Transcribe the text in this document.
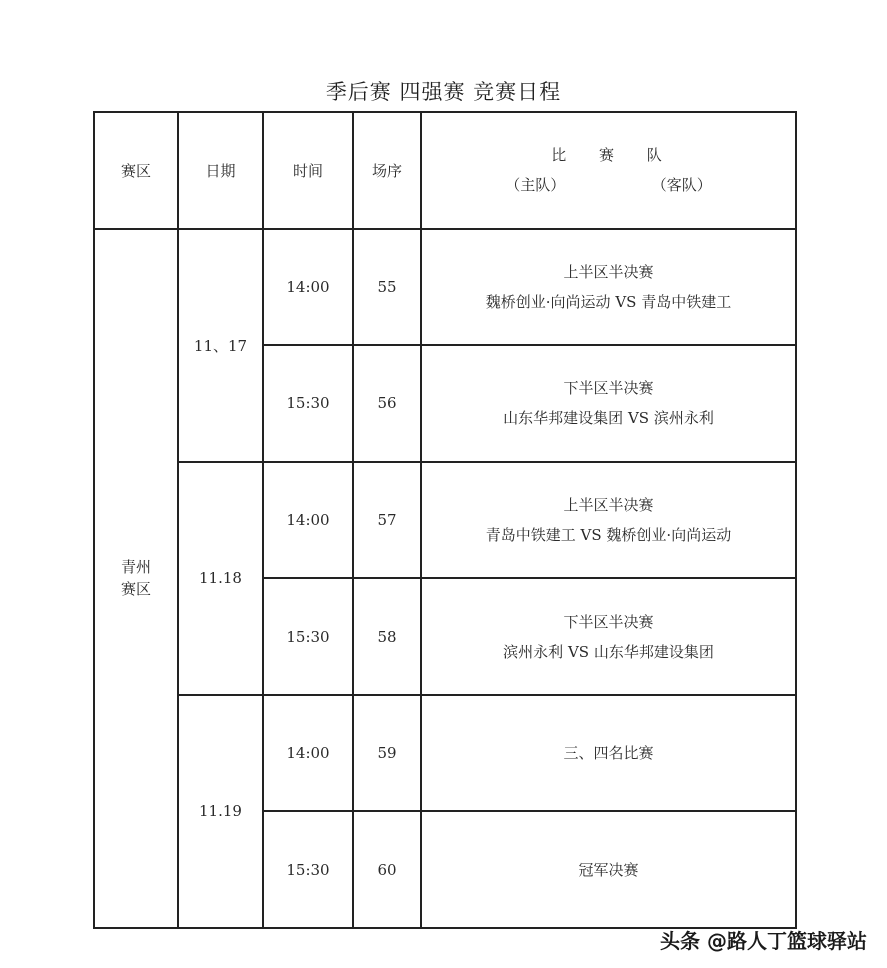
季后赛 四强赛 竞赛日程
赛区	日期	时间	场序	比 赛 队
（主队） （客队）

青州赛区	11、17	14:00	55	上半区半决赛
魏桥创业·向尚运动 VS 青岛中铁建工

		15:30	56	下半区半决赛
山东华邦建设集团 VS 滨州永利

	11.18	14:00	57	上半区半决赛
青岛中铁建工 VS 魏桥创业·向尚运动

		15:30	58	下半区半决赛
滨州永利 VS 山东华邦建设集团

	11.19	14:00	59	三、四名比赛

		15:30	60	冠军决赛
头条 @路人丁篮球驿站
